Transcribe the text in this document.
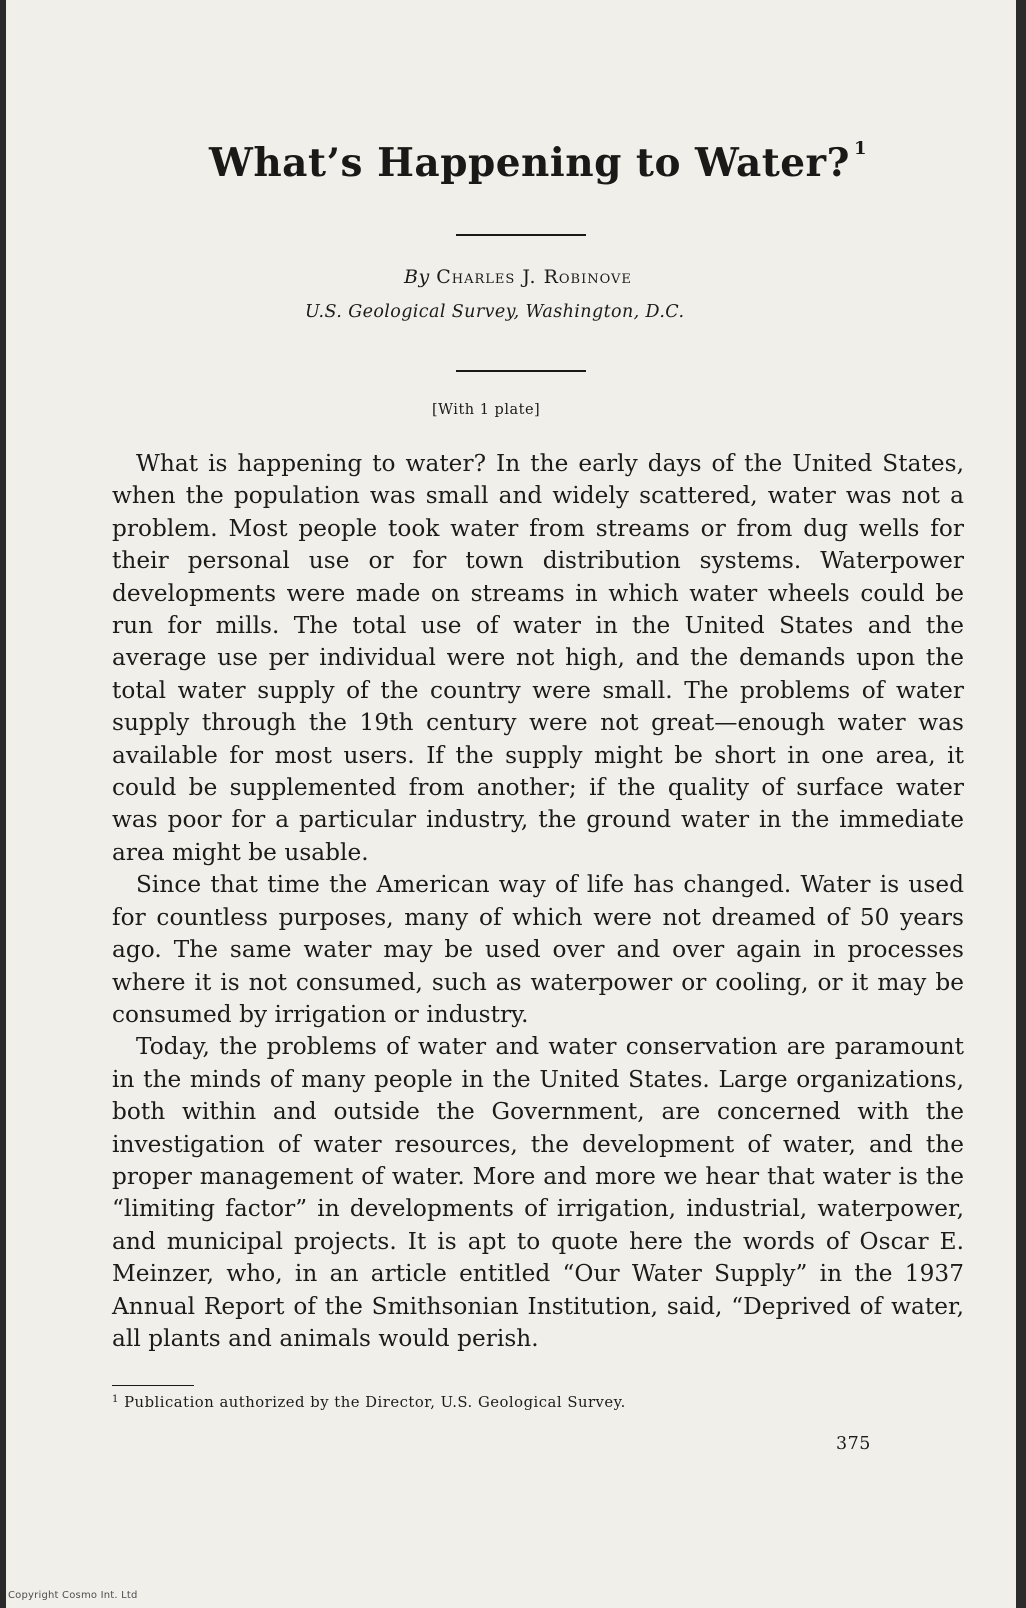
What’s Happening to Water? $^1$
By Charles J. Robinove
U.S. Geological Survey, Washington, D.C.
[With 1 plate]

What is happening to water? In the early days of the United States, when the population was small and widely scattered, water was not a problem. Most people took water from streams or from dug wells for their personal use or for town distribution systems. Waterpower developments were made on streams in which water wheels could be run for mills. The total use of water in the United States and the average use per individual were not high, and the demands upon the total water supply of the country were small. The problems of water supply through the 19th century were not great—enough water was available for most users. If the supply might be short in one area, it could be supplemented from another; if the quality of surface water was poor for a particular industry, the ground water in the immediate area might be usable.

Since that time the American way of life has changed. Water is used for countless purposes, many of which were not dreamed of 50 years ago. The same water may be used over and over again in processes where it is not consumed, such as waterpower or cooling, or it may be consumed by irrigation or industry.

Today, the problems of water and water conservation are paramount in the minds of many people in the United States. Large organizations, both within and outside the Government, are concerned with the investigation of water resources, the development of water, and the proper management of water. More and more we hear that water is the “limiting factor” in developments of irrigation, industrial, waterpower, and municipal projects. It is apt to quote here the words of Oscar E. Meinzer, who, in an article entitled “Our Water Supply” in the 1937 Annual Report of the Smithsonian Institution, said, “Deprived of water, all plants and animals would perish.

$^1$ Publication authorized by the Director, U.S. Geological Survey.
375
Copyright Cosmo Int. Ltd
